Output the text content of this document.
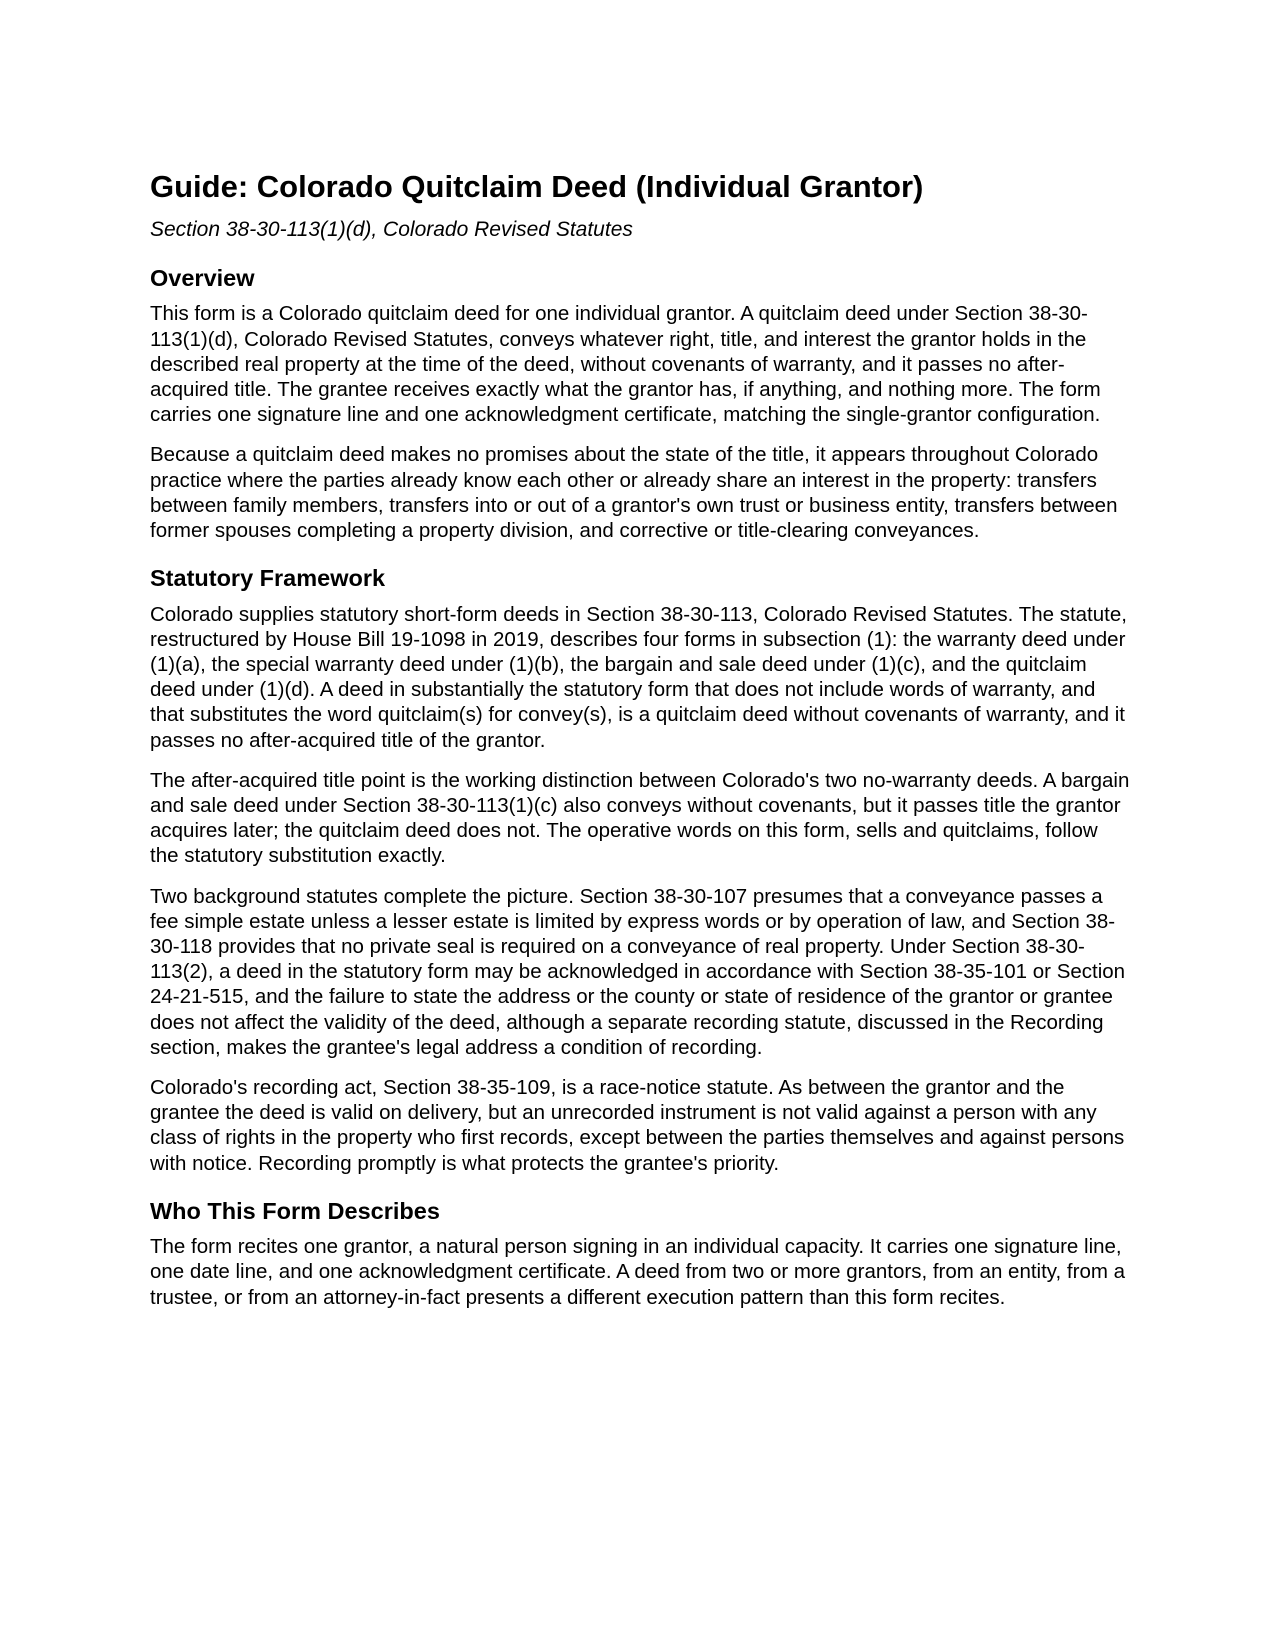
Guide: Colorado Quitclaim Deed (Individual Grantor)

Section 38-30-113(1)(d), Colorado Revised Statutes

Overview

This form is a Colorado quitclaim deed for one individual grantor. A quitclaim deed under Section 38-30-113(1)(d), Colorado Revised Statutes, conveys whatever right, title, and interest the grantor holds in the described real property at the time of the deed, without covenants of warranty, and it passes no after-acquired title. The grantee receives exactly what the grantor has, if anything, and nothing more. The form carries one signature line and one acknowledgment certificate, matching the single-grantor configuration.

Because a quitclaim deed makes no promises about the state of the title, it appears throughout Colorado practice where the parties already know each other or already share an interest in the property: transfers between family members, transfers into or out of a grantor's own trust or business entity, transfers between former spouses completing a property division, and corrective or title-clearing conveyances.

Statutory Framework

Colorado supplies statutory short-form deeds in Section 38-30-113, Colorado Revised Statutes. The statute, restructured by House Bill 19-1098 in 2019, describes four forms in subsection (1): the warranty deed under (1)(a), the special warranty deed under (1)(b), the bargain and sale deed under (1)(c), and the quitclaim deed under (1)(d). A deed in substantially the statutory form that does not include words of warranty, and that substitutes the word quitclaim(s) for convey(s), is a quitclaim deed without covenants of warranty, and it passes no after-acquired title of the grantor.

The after-acquired title point is the working distinction between Colorado's two no-warranty deeds. A bargain and sale deed under Section 38-30-113(1)(c) also conveys without covenants, but it passes title the grantor acquires later; the quitclaim deed does not. The operative words on this form, sells and quitclaims, follow the statutory substitution exactly.

Two background statutes complete the picture. Section 38-30-107 presumes that a conveyance passes a fee simple estate unless a lesser estate is limited by express words or by operation of law, and Section 38-30-118 provides that no private seal is required on a conveyance of real property. Under Section 38-30-113(2), a deed in the statutory form may be acknowledged in accordance with Section 38-35-101 or Section 24-21-515, and the failure to state the address or the county or state of residence of the grantor or grantee does not affect the validity of the deed, although a separate recording statute, discussed in the Recording section, makes the grantee's legal address a condition of recording.

Colorado's recording act, Section 38-35-109, is a race-notice statute. As between the grantor and the grantee the deed is valid on delivery, but an unrecorded instrument is not valid against a person with any class of rights in the property who first records, except between the parties themselves and against persons with notice. Recording promptly is what protects the grantee's priority.

Who This Form Describes

The form recites one grantor, a natural person signing in an individual capacity. It carries one signature line, one date line, and one acknowledgment certificate. A deed from two or more grantors, from an entity, from a trustee, or from an attorney-in-fact presents a different execution pattern than this form recites.
